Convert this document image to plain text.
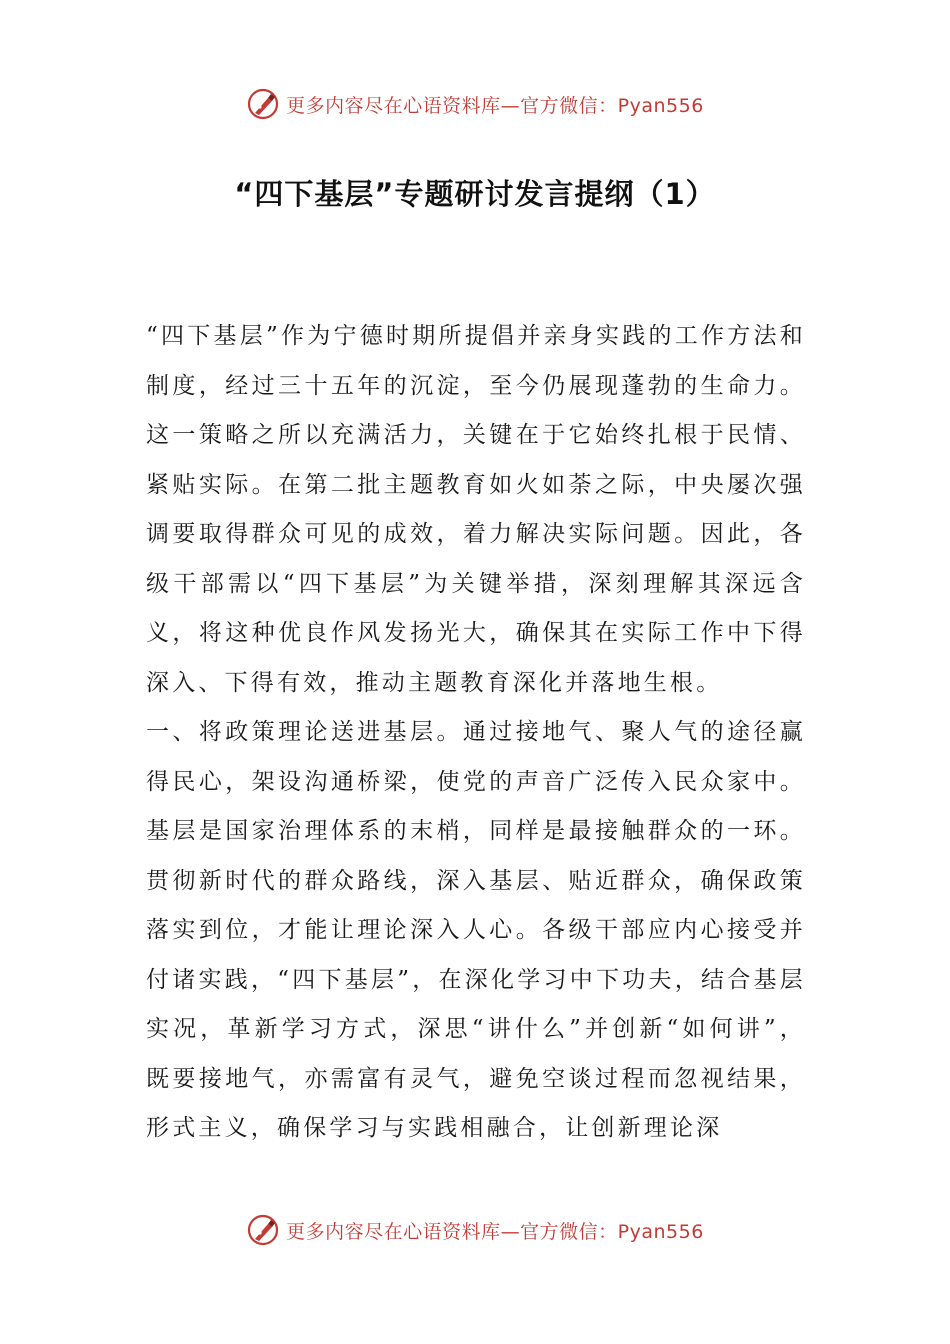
更多内容尽在心语资料库—官方微信：Pyan556
“四下基层”专题研讨发言提纲（1）

“四下基层”作为宁德时期所提倡并亲身实践的工作方法和制度，经过三十五年的沉淀，至今仍展现蓬勃的生命力。这一策略之所以充满活力，关键在于它始终扎根于民情、紧贴实际。在第二批主题教育如火如荼之际，中央屡次强调要取得群众可见的成效，着力解决实际问题。因此，各级干部需以“四下基层”为关键举措，深刻理解其深远含义，将这种优良作风发扬光大，确保其在实际工作中下得深入、下得有效，推动主题教育深化并落地生根。

一、将政策理论送进基层。通过接地气、聚人气的途径赢得民心，架设沟通桥梁，使党的声音广泛传入民众家中。基层是国家治理体系的末梢，同样是最接触群众的一环。贯彻新时代的群众路线，深入基层、贴近群众，确保政策落实到位，才能让理论深入人心。各级干部应内心接受并付诸实践，“四下基层”，在深化学习中下功夫，结合基层实况，革新学习方式，深思“讲什么”并创新“如何讲”，既要接地气，亦需富有灵气，避免空谈过程而忽视结果，形式主义，确保学习与实践相融合，让创新理论深

更多内容尽在心语资料库—官方微信：Pyan556
